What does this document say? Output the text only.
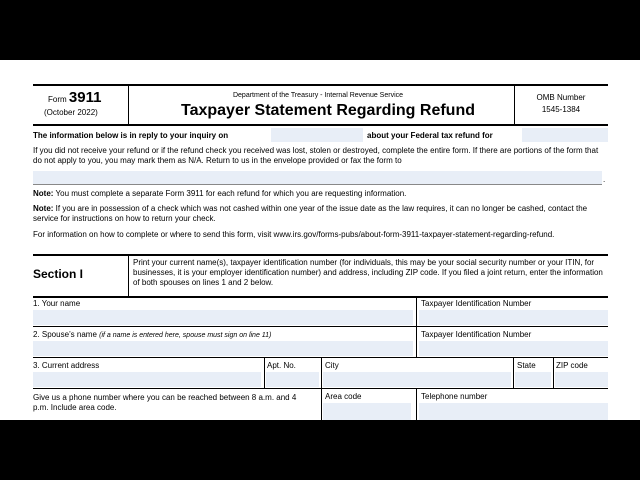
Form 3911
(October 2022)
Department of the Treasury - Internal Revenue Service
Taxpayer Statement Regarding Refund
OMB Number
1545-1384
The information below is in reply to your inquiry on	about your Federal tax refund for
If you did not receive your refund or if the refund check you received was lost, stolen or destroyed, complete the entire form. If there are portions of the form that do not apply to you, you may mark them as N/A. Return to us in the envelope provided or fax the form to
.
Note: You must complete a separate Form 3911 for each refund for which you are requesting information.
Note: If you are in possession of a check which was not cashed within one year of the issue date as the law requires, it can no longer be cashed, contact the service for instructions on how to return your check.
For information on how to complete or where to send this form, visit www.irs.gov/forms-pubs/about-form-3911-taxpayer-statement-regarding-refund.
Section I
Print your current name(s), taxpayer identification number (for individuals, this may be your social security number or your ITIN, for businesses, it is your employer identification number) and address, including ZIP code. If you filed a joint return, enter the information of both spouses on lines 1 and 2 below.
1. Your name	Taxpayer Identification Number
2. Spouse’s name (if a name is entered here, spouse must sign on line 11)	Taxpayer Identification Number
3. Current address	Apt. No.	City	State	ZIP code
Give us a phone number where you can be reached between 8 a.m. and 4 p.m. Include area code.
Area code	Telephone number
